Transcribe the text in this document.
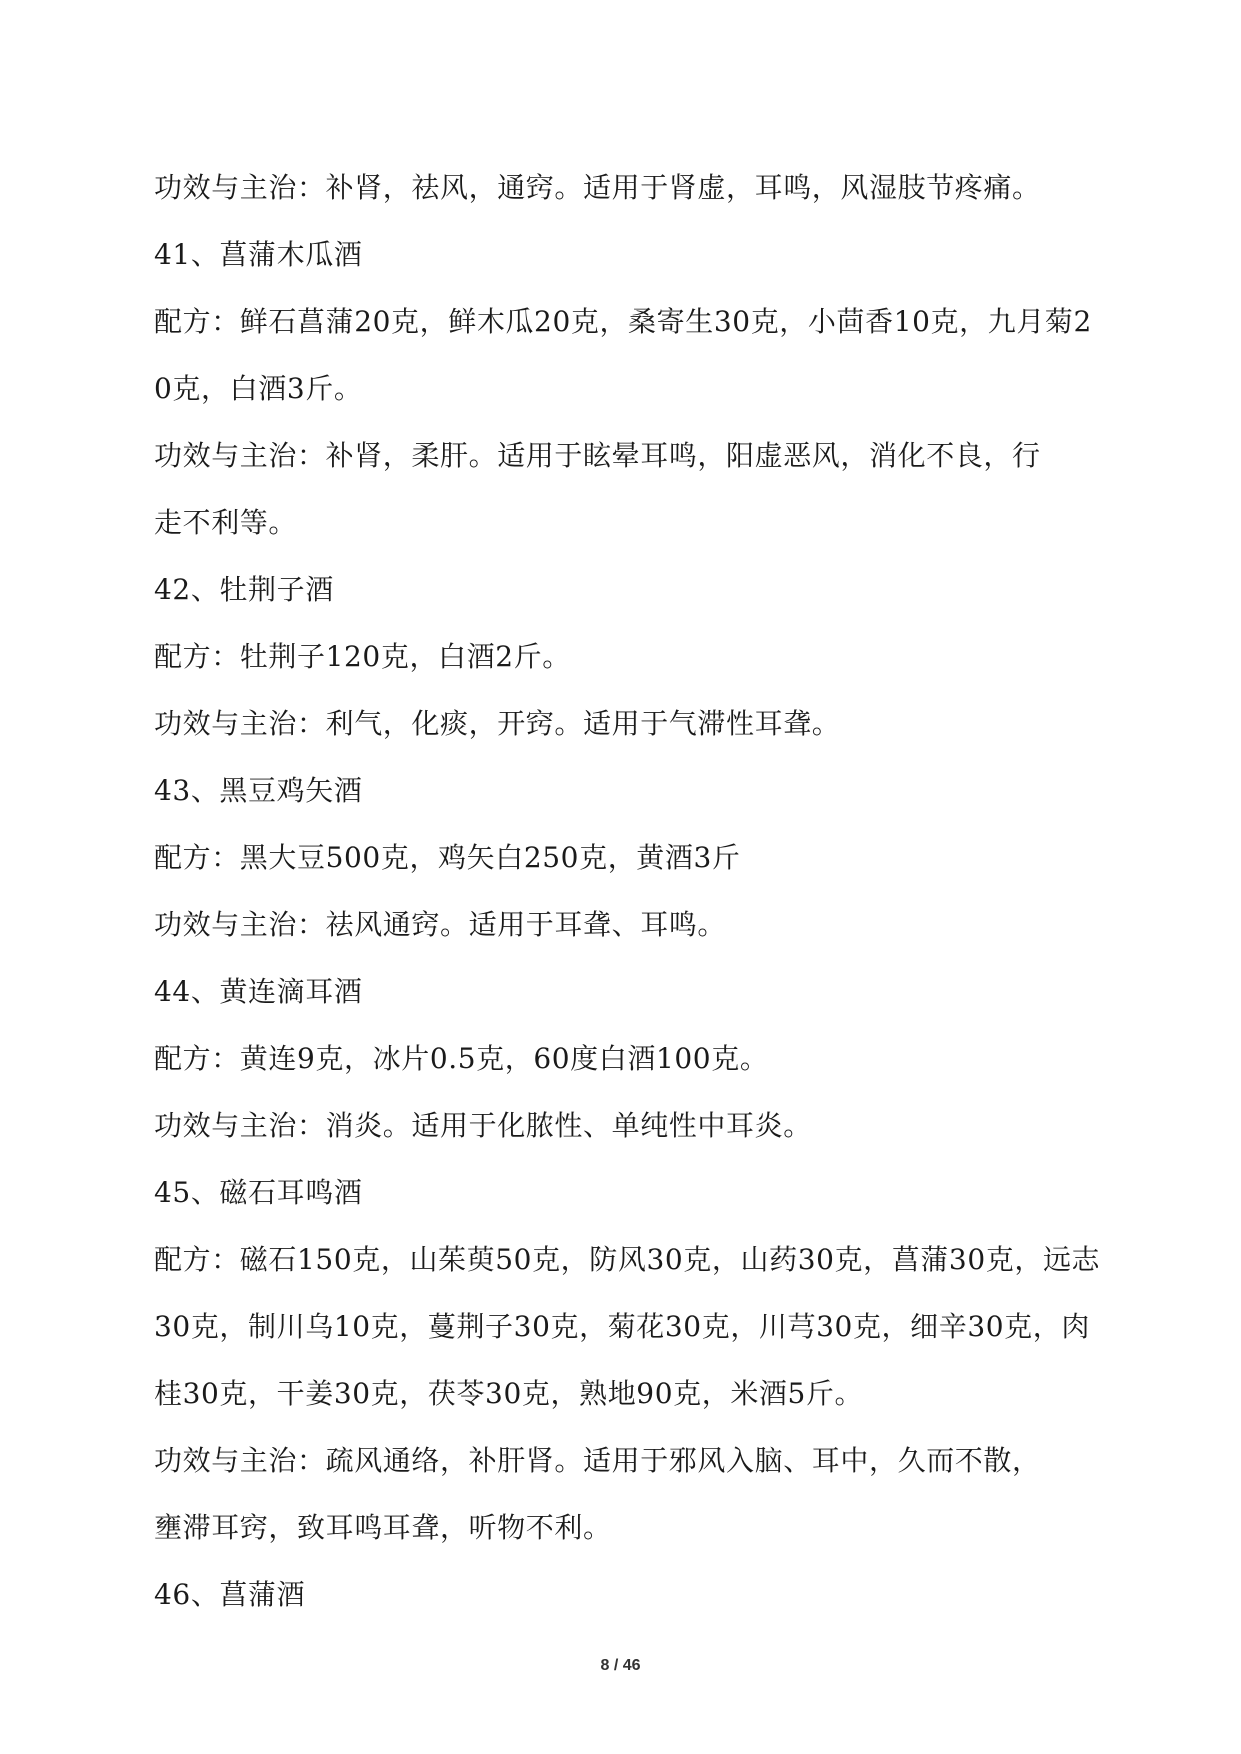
功效与主治：补肾，祛风，通窍。适用于肾虚，耳鸣，风湿肢节疼痛。
41、菖蒲木瓜酒
配方：鲜石菖蒲20克，鲜木瓜20克，桑寄生30克，小茴香10克，九月菊2
0克，白酒3斤。
功效与主治：补肾，柔肝。适用于眩晕耳鸣，阳虚恶风，消化不良，行
走不利等。
42、牡荆子酒
配方：牡荆子120克，白酒2斤。
功效与主治：利气，化痰，开窍。适用于气滞性耳聋。
43、黑豆鸡矢酒
配方：黑大豆500克，鸡矢白250克，黄酒3斤
功效与主治：祛风通窍。适用于耳聋、耳鸣。
44、黄连滴耳酒
配方：黄连9克，冰片0.5克，60度白酒100克。
功效与主治：消炎。适用于化脓性、单纯性中耳炎。
45、磁石耳鸣酒
配方：磁石150克，山茱萸50克，防风30克，山药30克，菖蒲30克，远志
30克，制川乌10克，蔓荆子30克，菊花30克，川芎30克，细辛30克，肉
桂30克，干姜30克，茯苓30克，熟地90克，米酒5斤。
功效与主治：疏风通络，补肝肾。适用于邪风入脑、耳中，久而不散，
壅滞耳窍，致耳鸣耳聋，听物不利。
46、菖蒲酒
8 / 46
